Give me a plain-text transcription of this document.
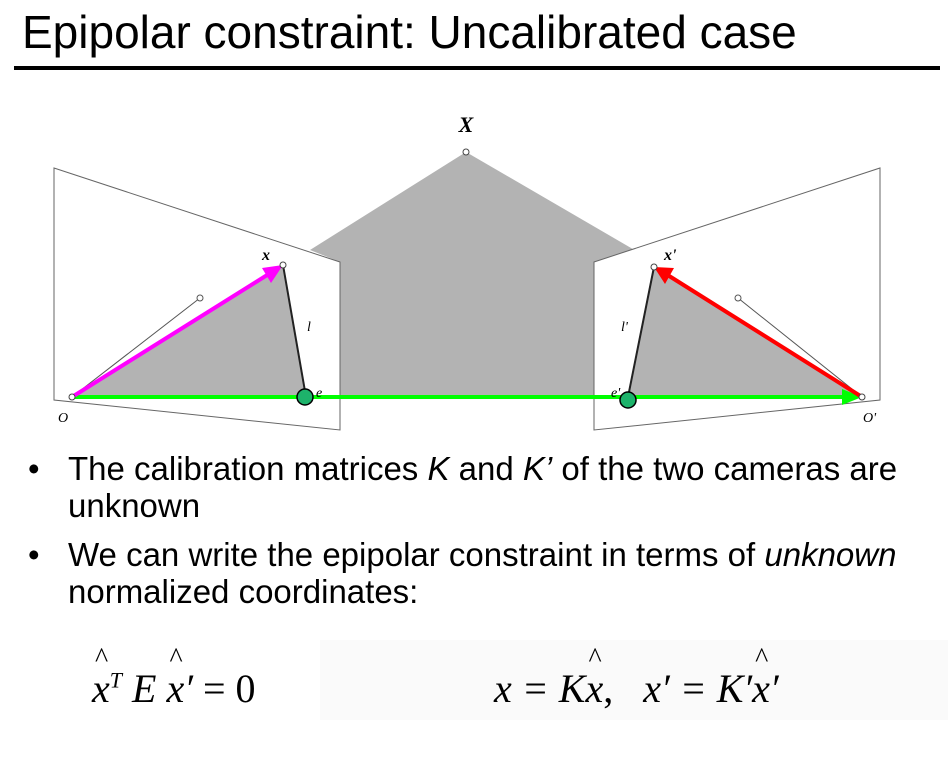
Epipolar constraint: Uncalibrated case
X
x	x'
l	l'
e	e'
O	O'
• The calibration matrices K and K’ of the two cameras are unknown
• We can write the epipolar constraint in terms of unknown normalized coordinates:
^ $x^T$ E ^ x′ = 0	x = K^ x, x′ = K′^ x′
